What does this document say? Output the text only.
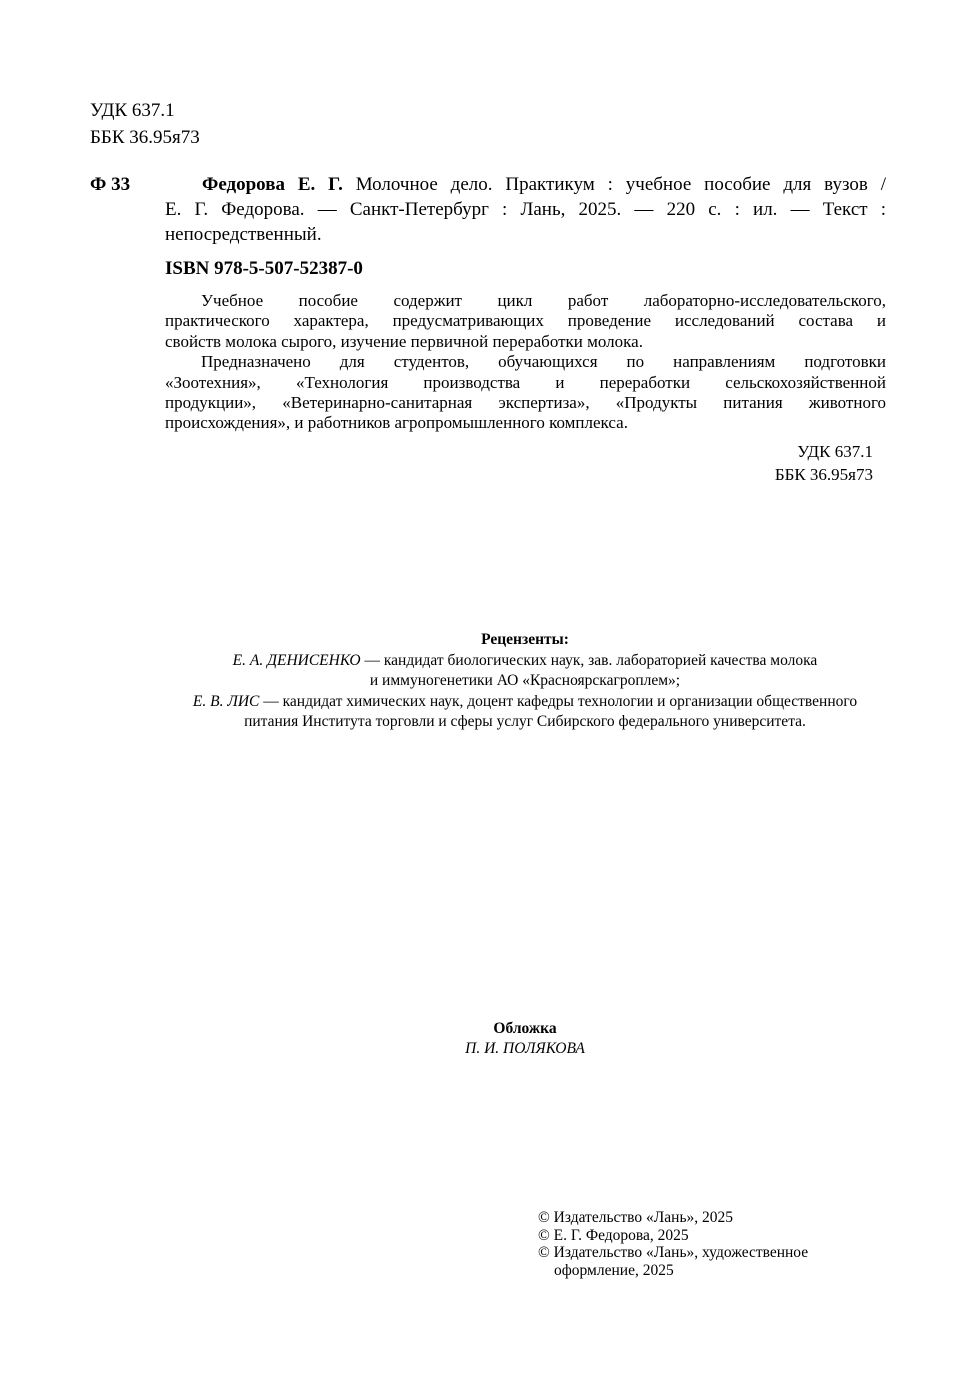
УДК 637.1
ББК 36.95я73
Ф 33	Федорова Е. Г. Молочное дело. Практикум : учебное пособие для вузов /
Е. Г. Федорова. — Санкт-Петербург : Лань, 2025. — 220 с. : ил. — Текст :
непосредственный.
ISBN 978-5-507-52387-0
Учебное пособие содержит цикл работ лабораторно-исследовательского,
практического характера, предусматривающих проведение исследований состава и
свойств молока сырого, изучение первичной переработки молока.
Предназначено для студентов, обучающихся по направлениям подготовки
«Зоотехния», «Технология производства и переработки сельскохозяйственной
продукции», «Ветеринарно-санитарная экспертиза», «Продукты питания животного
происхождения», и работников агропромышленного комплекса.
УДК 637.1
ББК 36.95я73
Рецензенты:
Е. А. ДЕНИСЕНКО — кандидат биологических наук, зав. лабораторией качества молока
и иммуногенетики АО «Красноярскагроплем»;
Е. В. ЛИС — кандидат химических наук, доцент кафедры технологии и организации общественного
питания Института торговли и сферы услуг Сибирского федерального университета.
Обложка
П. И. ПОЛЯКОВА
© Издательство «Лань», 2025
© Е. Г. Федорова, 2025
© Издательство «Лань», художественное
оформление, 2025
